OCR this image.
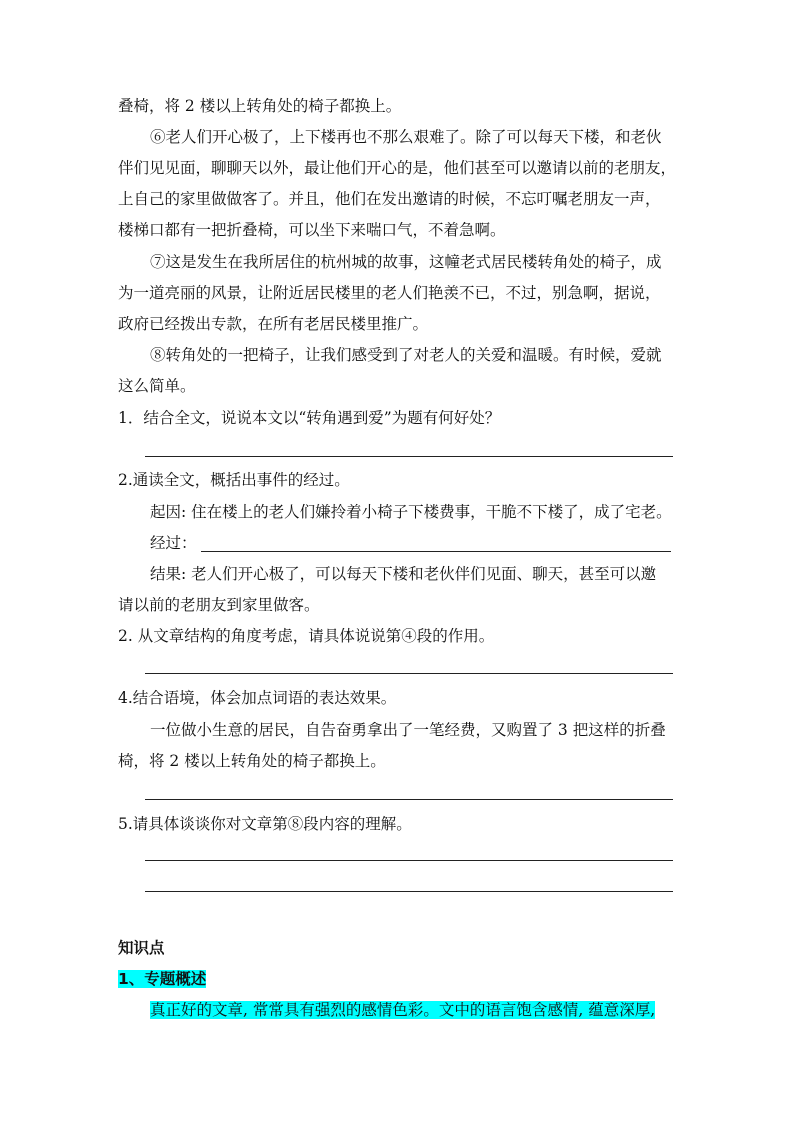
叠椅，将 2 楼以上转角处的椅子都换上。
⑥老人们开心极了，上下楼再也不那么艰难了。除了可以每天下楼，和老伙
伴们见见面，聊聊天以外，最让他们开心的是，他们甚至可以邀请以前的老朋友，
上自己的家里做做客了。并且，他们在发出邀请的时候，不忘叮嘱老朋友一声，
楼梯口都有一把折叠椅，可以坐下来喘口气，不着急啊。
⑦这是发生在我所居住的杭州城的故事，这幢老式居民楼转角处的椅子，成
为一道亮丽的风景，让附近居民楼里的老人们艳羡不已，不过，别急啊，据说，
政府已经拨出专款，在所有老居民楼里推广。
⑧转角处的一把椅子，让我们感受到了对老人的关爱和温暖。有时候，爱就
这么简单。
1．结合全文，说说本文以“转角遇到爱”为题有何好处？
2.通读全文，概括出事件的经过。
起因: 住在楼上的老人们嫌拎着小椅子下楼费事，干脆不下楼了，成了宅老。
经过：
结果: 老人们开心极了，可以每天下楼和老伙伴们见面、聊天，甚至可以邀
请以前的老朋友到家里做客。
2. 从文章结构的角度考虑，请具体说说第④段的作用。
4.结合语境，体会加点词语的表达效果。
一位做小生意的居民，自告奋勇拿出了一笔经费，又购置了 3 把这样的折叠
椅，将 2 楼以上转角处的椅子都换上。
5.请具体谈谈你对文章第⑧段内容的理解。
知识点
1、专题概述
真正好的文章, 常常具有强烈的感情色彩。文中的语言饱含感情, 蕴意深厚,
